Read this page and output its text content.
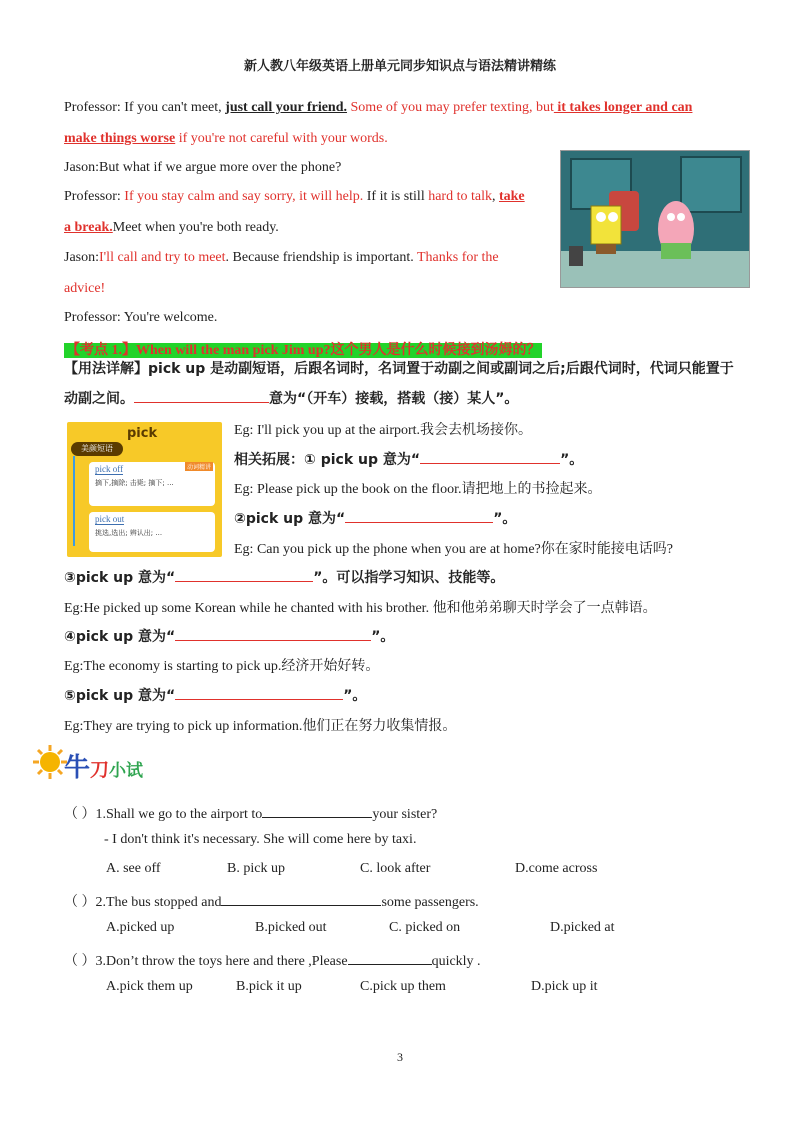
新人教八年级英语上册单元同步知识点与语法精讲精练
Professor: If you can't meet, just call your friend. Some of you may prefer texting, but it takes longer and can
make things worse if you're not careful with your words.
Jason:But what if we argue more over the phone?
Professor: If you stay calm and say sorry, it will help. If it is still hard to talk, take
a break.Meet when you're both ready.
Jason:I'll call and try to meet. Because friendship is important. Thanks for the
advice!
Professor: You're welcome.
【考点 1.】When will the man pick Jim up?这个男人是什么时候接到汤姆的？
【用法详解】pick up 是动副短语，后跟名词时，名词置于动副之间或副词之后;后跟代词时，代词只能置于
动副之间。	意为“（开车）接载，搭载（接）某人”。
pick
美颜短语
pick off	动词精讲
摘下,摘除; 击毙; 摘下; ...
pick out
挑选,选出; 辨认出; ...
Eg: I'll pick you up at the airport.我会去机场接你。
相关拓展：① pick up 意为“	”。
Eg: Please pick up the book on the floor.请把地上的书捡起来。
②pick up 意为“	”。
Eg: Can you pick up the phone when you are at home?你在家时能接电话吗?
③pick up 意为“	”。可以指学习知识、技能等。
Eg:He picked up some Korean while he chanted with his brother. 他和他弟弟聊天时学会了一点韩语。
④pick up 意为“	”。
Eg:The economy is starting to pick up.经济开始好转。
⑤pick up 意为“	”。
Eg:They are trying to pick up information.他们正在努力收集情报。
牛刀小试
（ ）1.Shall we go to the airport to	your sister?
- I don't think it's necessary. She will come here by taxi.
A. see off	B. pick up	C. look after	D.come across
（ ）2.The bus stopped and	some passengers.
A.picked up	B.picked out	C. picked on	D.picked at
（ ）3.Don’t throw the toys here and there ,Please	quickly .
A.pick them up	B.pick it up	C.pick up them	D.pick up it
3
